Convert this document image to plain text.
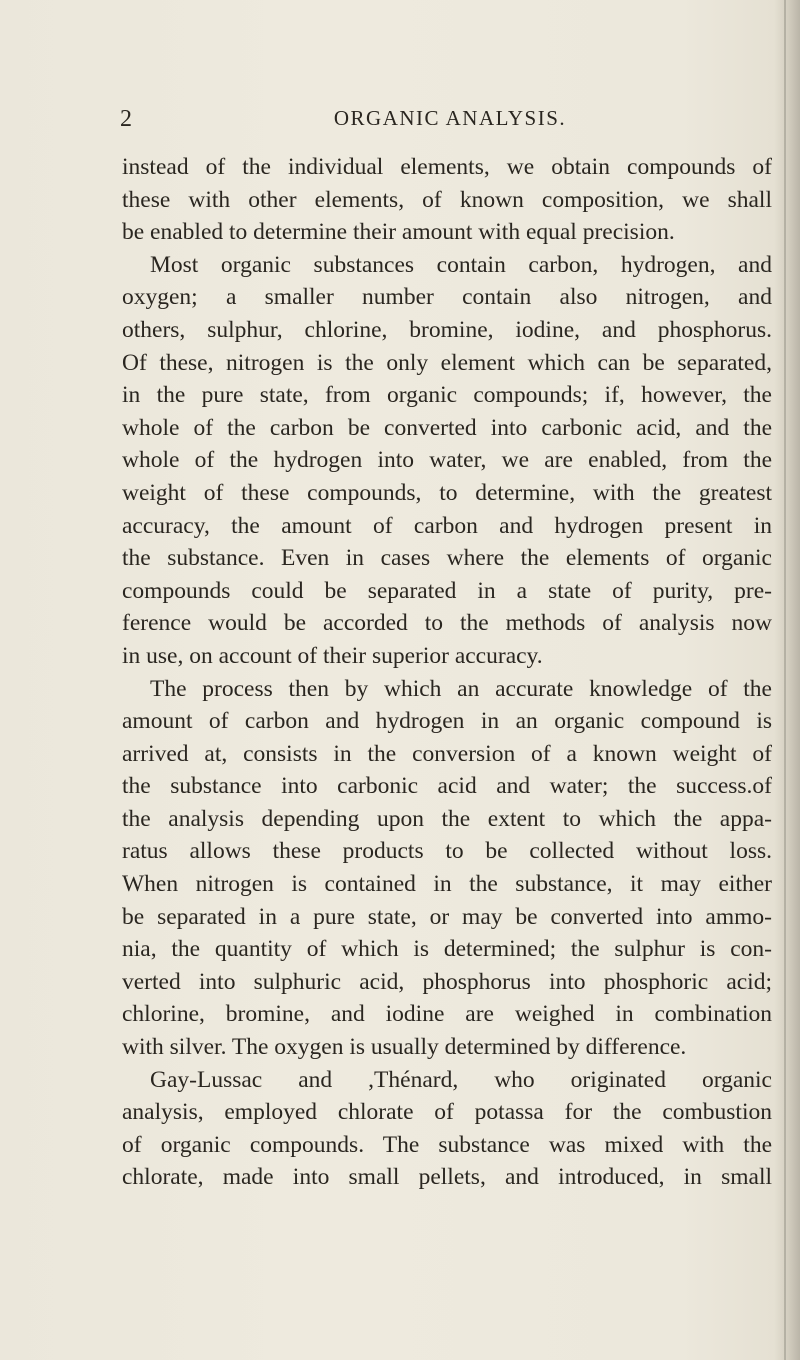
2	ORGANIC ANALYSIS.
instead of the individual elements, we obtain compounds of
these with other elements, of known composition, we shall
be enabled to determine their amount with equal precision.
Most organic substances contain carbon, hydrogen, and
oxygen; a smaller number contain also nitrogen, and
others, sulphur, chlorine, bromine, iodine, and phosphorus.
Of these, nitrogen is the only element which can be separated,
in the pure state, from organic compounds; if, however, the
whole of the carbon be converted into carbonic acid, and the
whole of the hydrogen into water, we are enabled, from the
weight of these compounds, to determine, with the greatest
accuracy, the amount of carbon and hydrogen present in
the substance. Even in cases where the elements of organic
compounds could be separated in a state of purity, pre-
ference would be accorded to the methods of analysis now
in use, on account of their superior accuracy.
The process then by which an accurate knowledge of the
amount of carbon and hydrogen in an organic compound is
arrived at, consists in the conversion of a known weight of
the substance into carbonic acid and water; the success.of
the analysis depending upon the extent to which the appa-
ratus allows these products to be collected without loss.
When nitrogen is contained in the substance, it may either
be separated in a pure state, or may be converted into ammo-
nia, the quantity of which is determined; the sulphur is con-
verted into sulphuric acid, phosphorus into phosphoric acid;
chlorine, bromine, and iodine are weighed in combination
with silver. The oxygen is usually determined by difference.
Gay-Lussac and ,Thénard, who originated organic
analysis, employed chlorate of potassa for the combustion
of organic compounds. The substance was mixed with the
chlorate, made into small pellets, and introduced, in small
